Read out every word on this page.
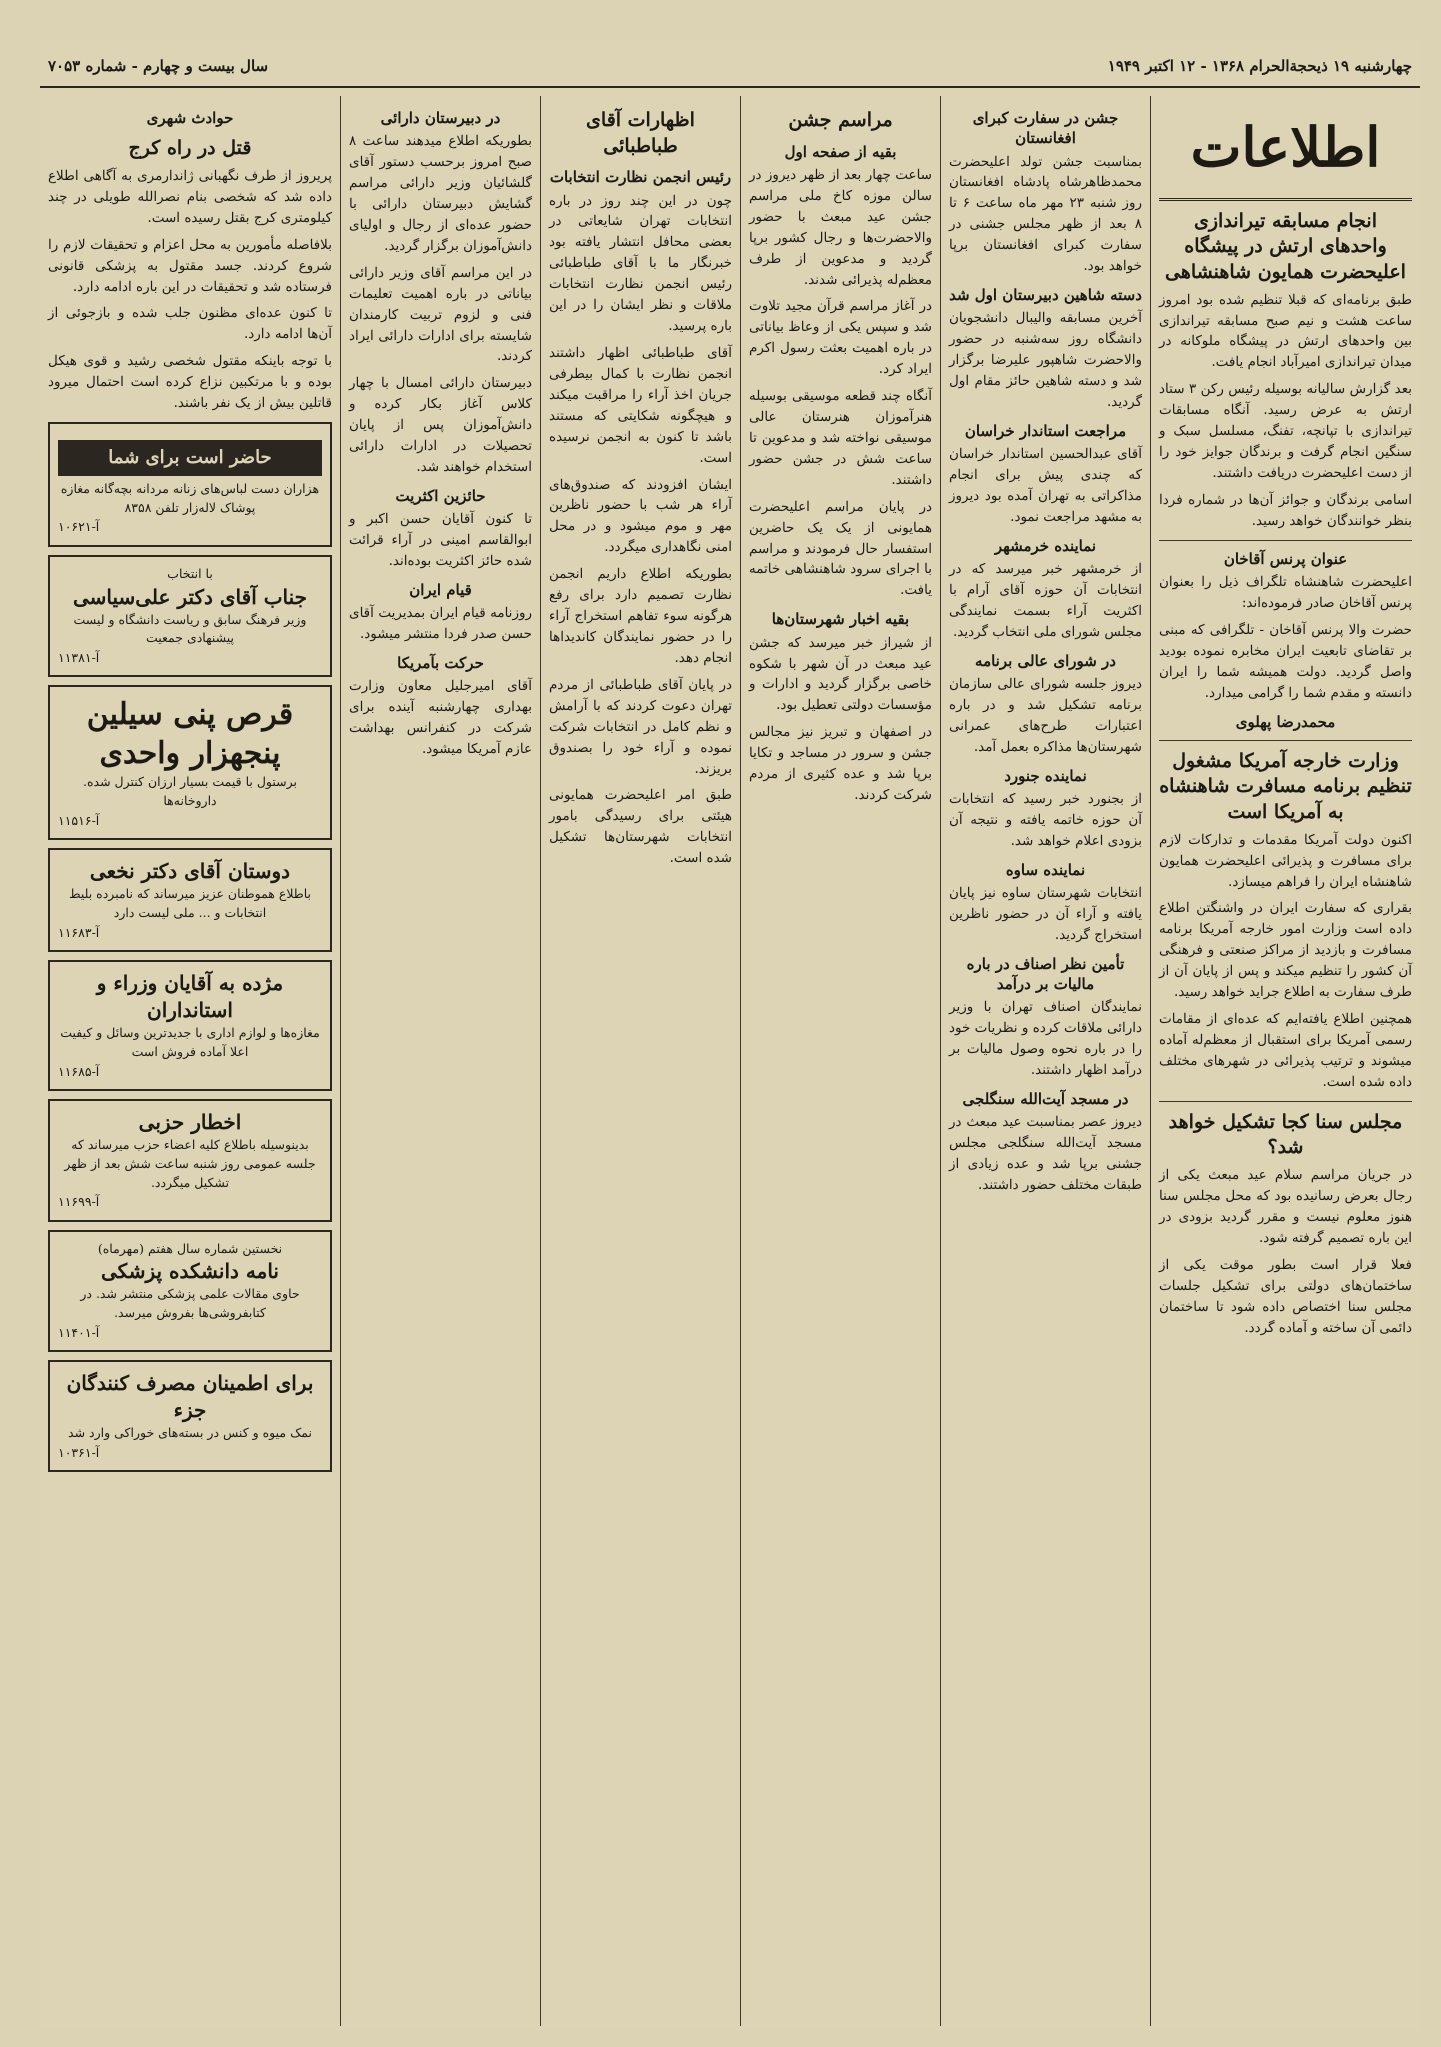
چهارشنبه ۱۹ ذیحجة‌الحرام ۱۳۶۸ - ۱۲ اکتبر ۱۹۴۹
سال بیست و چهارم - شماره ۷۰۵۳
اطلاعات
انجام مسابقه تیراندازی واحدهای ارتش در پیشگاه اعلیحضرت همایون شاهنشاهی

طبق برنامه‌ای که قبلا تنظیم شده بود امروز ساعت هشت و نیم صبح مسابقه تیراندازی بین واحدهای ارتش در پیشگاه ملوکانه در میدان تیراندازی امیرآباد انجام یافت.

بعد گزارش سالیانه بوسیله رئیس رکن ۳ ستاد ارتش به عرض رسید. آنگاه مسابقات تیراندازی با تپانچه، تفنگ، مسلسل سبک و سنگین انجام گرفت و برندگان جوایز خود را از دست اعلیحضرت دریافت داشتند.

اسامی برندگان و جوائز آن‌ها در شماره فردا بنظر خوانندگان خواهد رسید.

عنوان پرنس آقاخان

اعلیحضرت شاهنشاه تلگراف ذیل را بعنوان پرنس آقاخان صادر فرموده‌اند:

حضرت والا پرنس آقاخان - تلگرافی که مبنی بر تقاضای تابعیت ایران مخابره نموده بودید واصل گردید. دولت همیشه شما را ایران دانسته و مقدم شما را گرامی میدارد.

محمدرضا پهلوی
وزارت خارجه آمریکا مشغول تنظیم برنامه مسافرت شاهنشاه به آمریکا است

اکنون دولت آمریکا مقدمات و تدارکات لازم برای مسافرت و پذیرائی اعلیحضرت همایون شاهنشاه ایران را فراهم میسازد.

بقراری که سفارت ایران در واشنگتن اطلاع داده است وزارت امور خارجه آمریکا برنامه مسافرت و بازدید از مراکز صنعتی و فرهنگی آن کشور را تنظیم میکند و پس از پایان آن از طرف سفارت به اطلاع جراید خواهد رسید.

همچنین اطلاع یافته‌ایم که عده‌ای از مقامات رسمی آمریکا برای استقبال از معظم‌له آماده میشوند و ترتیب پذیرائی در شهرهای مختلف داده شده است.

مجلس سنا کجا تشکیل خواهد شد؟

در جریان مراسم سلام عید مبعث یکی از رجال بعرض رسانیده بود که محل مجلس سنا هنوز معلوم نیست و مقرر گردید بزودی در این باره تصمیم گرفته شود.

فعلا قرار است بطور موقت یکی از ساختمان‌های دولتی برای تشکیل جلسات مجلس سنا اختصاص داده شود تا ساختمان دائمی آن ساخته و آماده گردد.

جشن در سفارت کبرای افغانستان

بمناسبت جشن تولد اعلیحضرت محمدظاهرشاه پادشاه افغانستان روز شنبه ۲۳ مهر ماه ساعت ۶ تا ۸ بعد از ظهر مجلس جشنی در سفارت کبرای افغانستان برپا خواهد بود.

دسته شاهین دبیرستان اول شد

آخرین مسابقه والیبال دانشجویان دانشگاه روز سه‌شنبه در حضور والاحضرت شاهپور علیرضا برگزار شد و دسته شاهین حائز مقام اول گردید.

مراجعت استاندار خراسان

آقای عبدالحسین استاندار خراسان که چندی پیش برای انجام مذاکراتی به تهران آمده بود دیروز به مشهد مراجعت نمود.

نماینده خرمشهر

از خرمشهر خبر میرسد که در انتخابات آن حوزه آقای آرام با اکثریت آراء بسمت نمایندگی مجلس شورای ملی انتخاب گردید.

در شورای عالی برنامه

دیروز جلسه شورای عالی سازمان برنامه تشکیل شد و در باره اعتبارات طرح‌های عمرانی شهرستان‌ها مذاکره بعمل آمد.

نماینده جنورد

از بجنورد خبر رسید که انتخابات آن حوزه خاتمه یافته و نتیجه آن بزودی اعلام خواهد شد.

نماینده ساوه

انتخابات شهرستان ساوه نیز پایان یافته و آراء آن در حضور ناظرین استخراج گردید.

تأمین نظر اصناف در باره مالیات بر درآمد

نمایندگان اصناف تهران با وزیر دارائی ملاقات کرده و نظریات خود را در باره نحوه وصول مالیات بر درآمد اظهار داشتند.

در مسجد آیت‌الله سنگلجی

دیروز عصر بمناسبت عید مبعث در مسجد آیت‌الله سنگلجی مجلس جشنی برپا شد و عده زیادی از طبقات مختلف حضور داشتند.

مراسم جشن
بقیه از صفحه اول

ساعت چهار بعد از ظهر دیروز در سالن موزه کاخ ملی مراسم جشن عید مبعث با حضور والاحضرت‌ها و رجال کشور برپا گردید و مدعوین از طرف معظم‌له پذیرائی شدند.

در آغاز مراسم قرآن مجید تلاوت شد و سپس یکی از وعاظ بیاناتی در باره اهمیت بعثت رسول اکرم ایراد کرد.

آنگاه چند قطعه موسیقی بوسیله هنرآموزان هنرستان عالی موسیقی نواخته شد و مدعوین تا ساعت شش در جشن حضور داشتند.

در پایان مراسم اعلیحضرت همایونی از یک یک حاضرین استفسار حال فرمودند و مراسم با اجرای سرود شاهنشاهی خاتمه یافت.

بقیه اخبار شهرستان‌ها

از شیراز خبر میرسد که جشن عید مبعث در آن شهر با شکوه خاصی برگزار گردید و ادارات و مؤسسات دولتی تعطیل بود.

در اصفهان و تبریز نیز مجالس جشن و سرور در مساجد و تکایا برپا شد و عده کثیری از مردم شرکت کردند.

اظهارات آقای طباطبائی
رئیس انجمن نظارت انتخابات

چون در این چند روز در باره انتخابات تهران شایعاتی در بعضی محافل انتشار یافته بود خبرنگار ما با آقای طباطبائی رئیس انجمن نظارت انتخابات ملاقات و نظر ایشان را در این باره پرسید.

آقای طباطبائی اظهار داشتند انجمن نظارت با کمال بیطرفی جریان اخذ آراء را مراقبت میکند و هیچگونه شکایتی که مستند باشد تا کنون به انجمن نرسیده است.

ایشان افزودند که صندوق‌های آراء هر شب با حضور ناظرین مهر و موم میشود و در محل امنی نگاهداری میگردد.

بطوریکه اطلاع داریم انجمن نظارت تصمیم دارد برای رفع هرگونه سوء تفاهم استخراج آراء را در حضور نمایندگان کاندیداها انجام دهد.

در پایان آقای طباطبائی از مردم تهران دعوت کردند که با آرامش و نظم کامل در انتخابات شرکت نموده و آراء خود را بصندوق بریزند.

طبق امر اعلیحضرت همایونی هیئتی برای رسیدگی بامور انتخابات شهرستان‌ها تشکیل شده است.

در دبیرستان دارائی

بطوریکه اطلاع میدهند ساعت ۸ صبح امروز برحسب دستور آقای گلشائیان وزیر دارائی مراسم گشایش دبیرستان دارائی با حضور عده‌ای از رجال و اولیای دانش‌آموزان برگزار گردید.

در این مراسم آقای وزیر دارائی بیاناتی در باره اهمیت تعلیمات فنی و لزوم تربیت کارمندان شایسته برای ادارات دارائی ایراد کردند.

دبیرستان دارائی امسال با چهار کلاس آغاز بکار کرده و دانش‌آموزان پس از پایان تحصیلات در ادارات دارائی استخدام خواهند شد.

حائزین اکثریت

تا کنون آقایان حسن اکبر و ابوالقاسم امینی در آراء قرائت شده حائز اکثریت بوده‌اند.

قیام ایران

روزنامه قیام ایران بمدیریت آقای حسن صدر فردا منتشر میشود.

حرکت بآمریکا

آقای امیرجلیل معاون وزارت بهداری چهارشنبه آینده برای شرکت در کنفرانس بهداشت عازم آمریکا میشود.

حوادث شهری
قتل در راه کرج

پریروز از طرف نگهبانی ژاندارمری به آگاهی اطلاع داده شد که شخصی بنام نصرالله طویلی در چند کیلومتری کرج بقتل رسیده است.

بلافاصله مأمورین به محل اعزام و تحقیقات لازم را شروع کردند. جسد مقتول به پزشکی قانونی فرستاده شد و تحقیقات در این باره ادامه دارد.

تا کنون عده‌ای مظنون جلب شده و بازجوئی از آن‌ها ادامه دارد.

با توجه باینکه مقتول شخصی رشید و قوی هیکل بوده و با مرتکبین نزاع کرده است احتمال میرود قاتلین بیش از یک نفر باشند.

حاضر است برای شما
هزاران دست لباس‌های زنانه مردانه بچه‌گانه مغازه پوشاک لاله‌زار تلفن ۸۳۵۸
۱۰۶۲۱-آ
با انتخاب
جناب آقای دکتر علی‌سیاسی
وزیر فرهنگ سابق و ریاست دانشگاه و لیست پیشنهادی جمعیت
۱۱۳۸۱-آ
قرص پنی سیلین پنجهزار واحدی
برستول با قیمت بسیار ارزان کنترل شده. داروخانه‌ها
۱۱۵۱۶-آ
دوستان آقای دکتر نخعی
باطلاع هموطنان عزیز میرساند که نامبرده بلیط انتخابات و ... ملی لیست دارد
۱۱۶۸۳-آ
مژده به آقایان وزراء و استانداران
مغازه‌ها و لوازم اداری با جدیدترین وسائل و کیفیت اعلا آماده فروش است
۱۱۶۸۵-آ
اخطار حزبی
بدینوسیله باطلاع کلیه اعضاء حزب میرساند که جلسه عمومی روز شنبه ساعت شش بعد از ظهر تشکیل میگردد.
۱۱۶۹۹-آ
نخستین شماره سال هفتم (مهرماه)
نامه دانشکده پزشکی
حاوی مقالات علمی پزشکی منتشر شد. در کتابفروشی‌ها بفروش میرسد.
۱۱۴۰۱-آ
برای اطمینان مصرف کنندگان جزء
نمک میوه و کنس در بسته‌های خوراکی وارد شد
۱۰۳۶۱-آ
